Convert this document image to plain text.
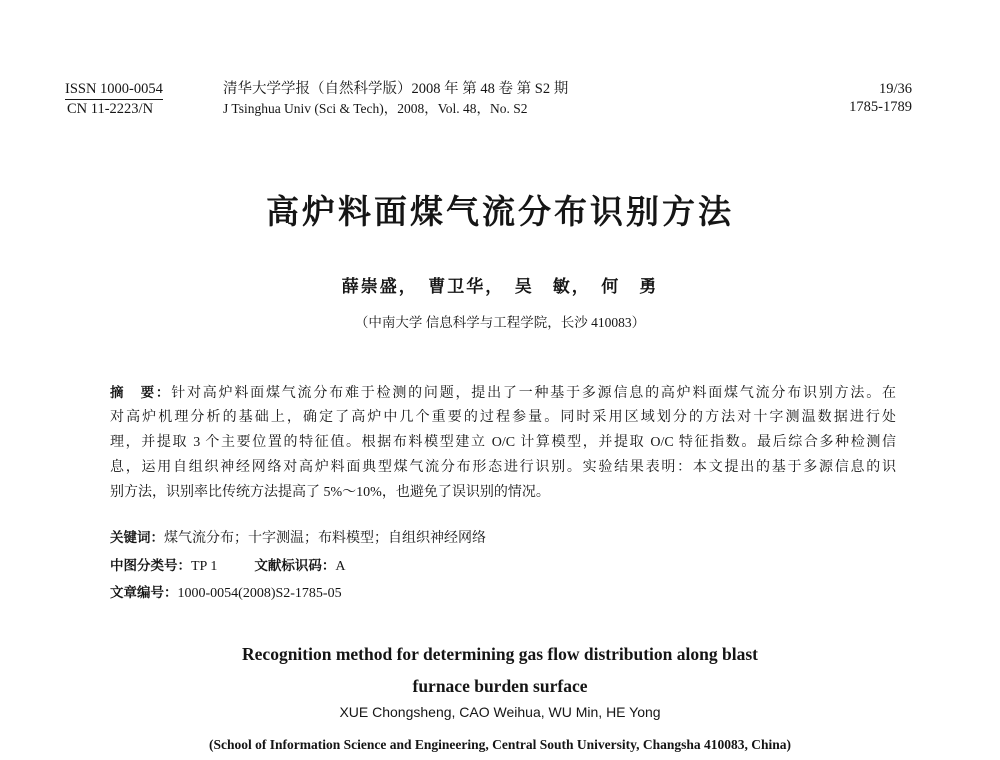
ISSN 1000-0054
CN 11-2223/N
清华大学学报（自然科学版）2008 年 第 48 卷 第 S2 期
J Tsinghua Univ (Sci & Tech)，2008，Vol. 48，No. S2
19/36
1785-1789
高炉料面煤气流分布识别方法
薛崇盛，　曹卫华，　吴　敏，　何　勇
（中南大学 信息科学与工程学院，长沙 410083）
摘　要：针对高炉料面煤气流分布难于检测的问题，提出了一种基于多源信息的高炉料面煤气流分布识别方法。在
对高炉机理分析的基础上，确定了高炉中几个重要的过程参量。同时采用区域划分的方法对十字测温数据进行处
理，并提取 3 个主要位置的特征值。根据布料模型建立 O/C 计算模型，并提取 O/C 特征指数。最后综合多种检测信
息，运用自组织神经网络对高炉料面典型煤气流分布形态进行识别。实验结果表明：本文提出的基于多源信息的识
别方法，识别率比传统方法提高了 5%～10%，也避免了误识别的情况。
关键词：煤气流分布；十字测温；布料模型；自组织神经网络
中图分类号：TP 1	文献标识码：A
文章编号：1000-0054(2008)S2-1785-05
Recognition method for determining gas flow distribution along blast
furnace burden surface
XUE Chongsheng, CAO Weihua, WU Min, HE Yong
(School of Information Science and Engineering, Central South University, Changsha 410083, China)
